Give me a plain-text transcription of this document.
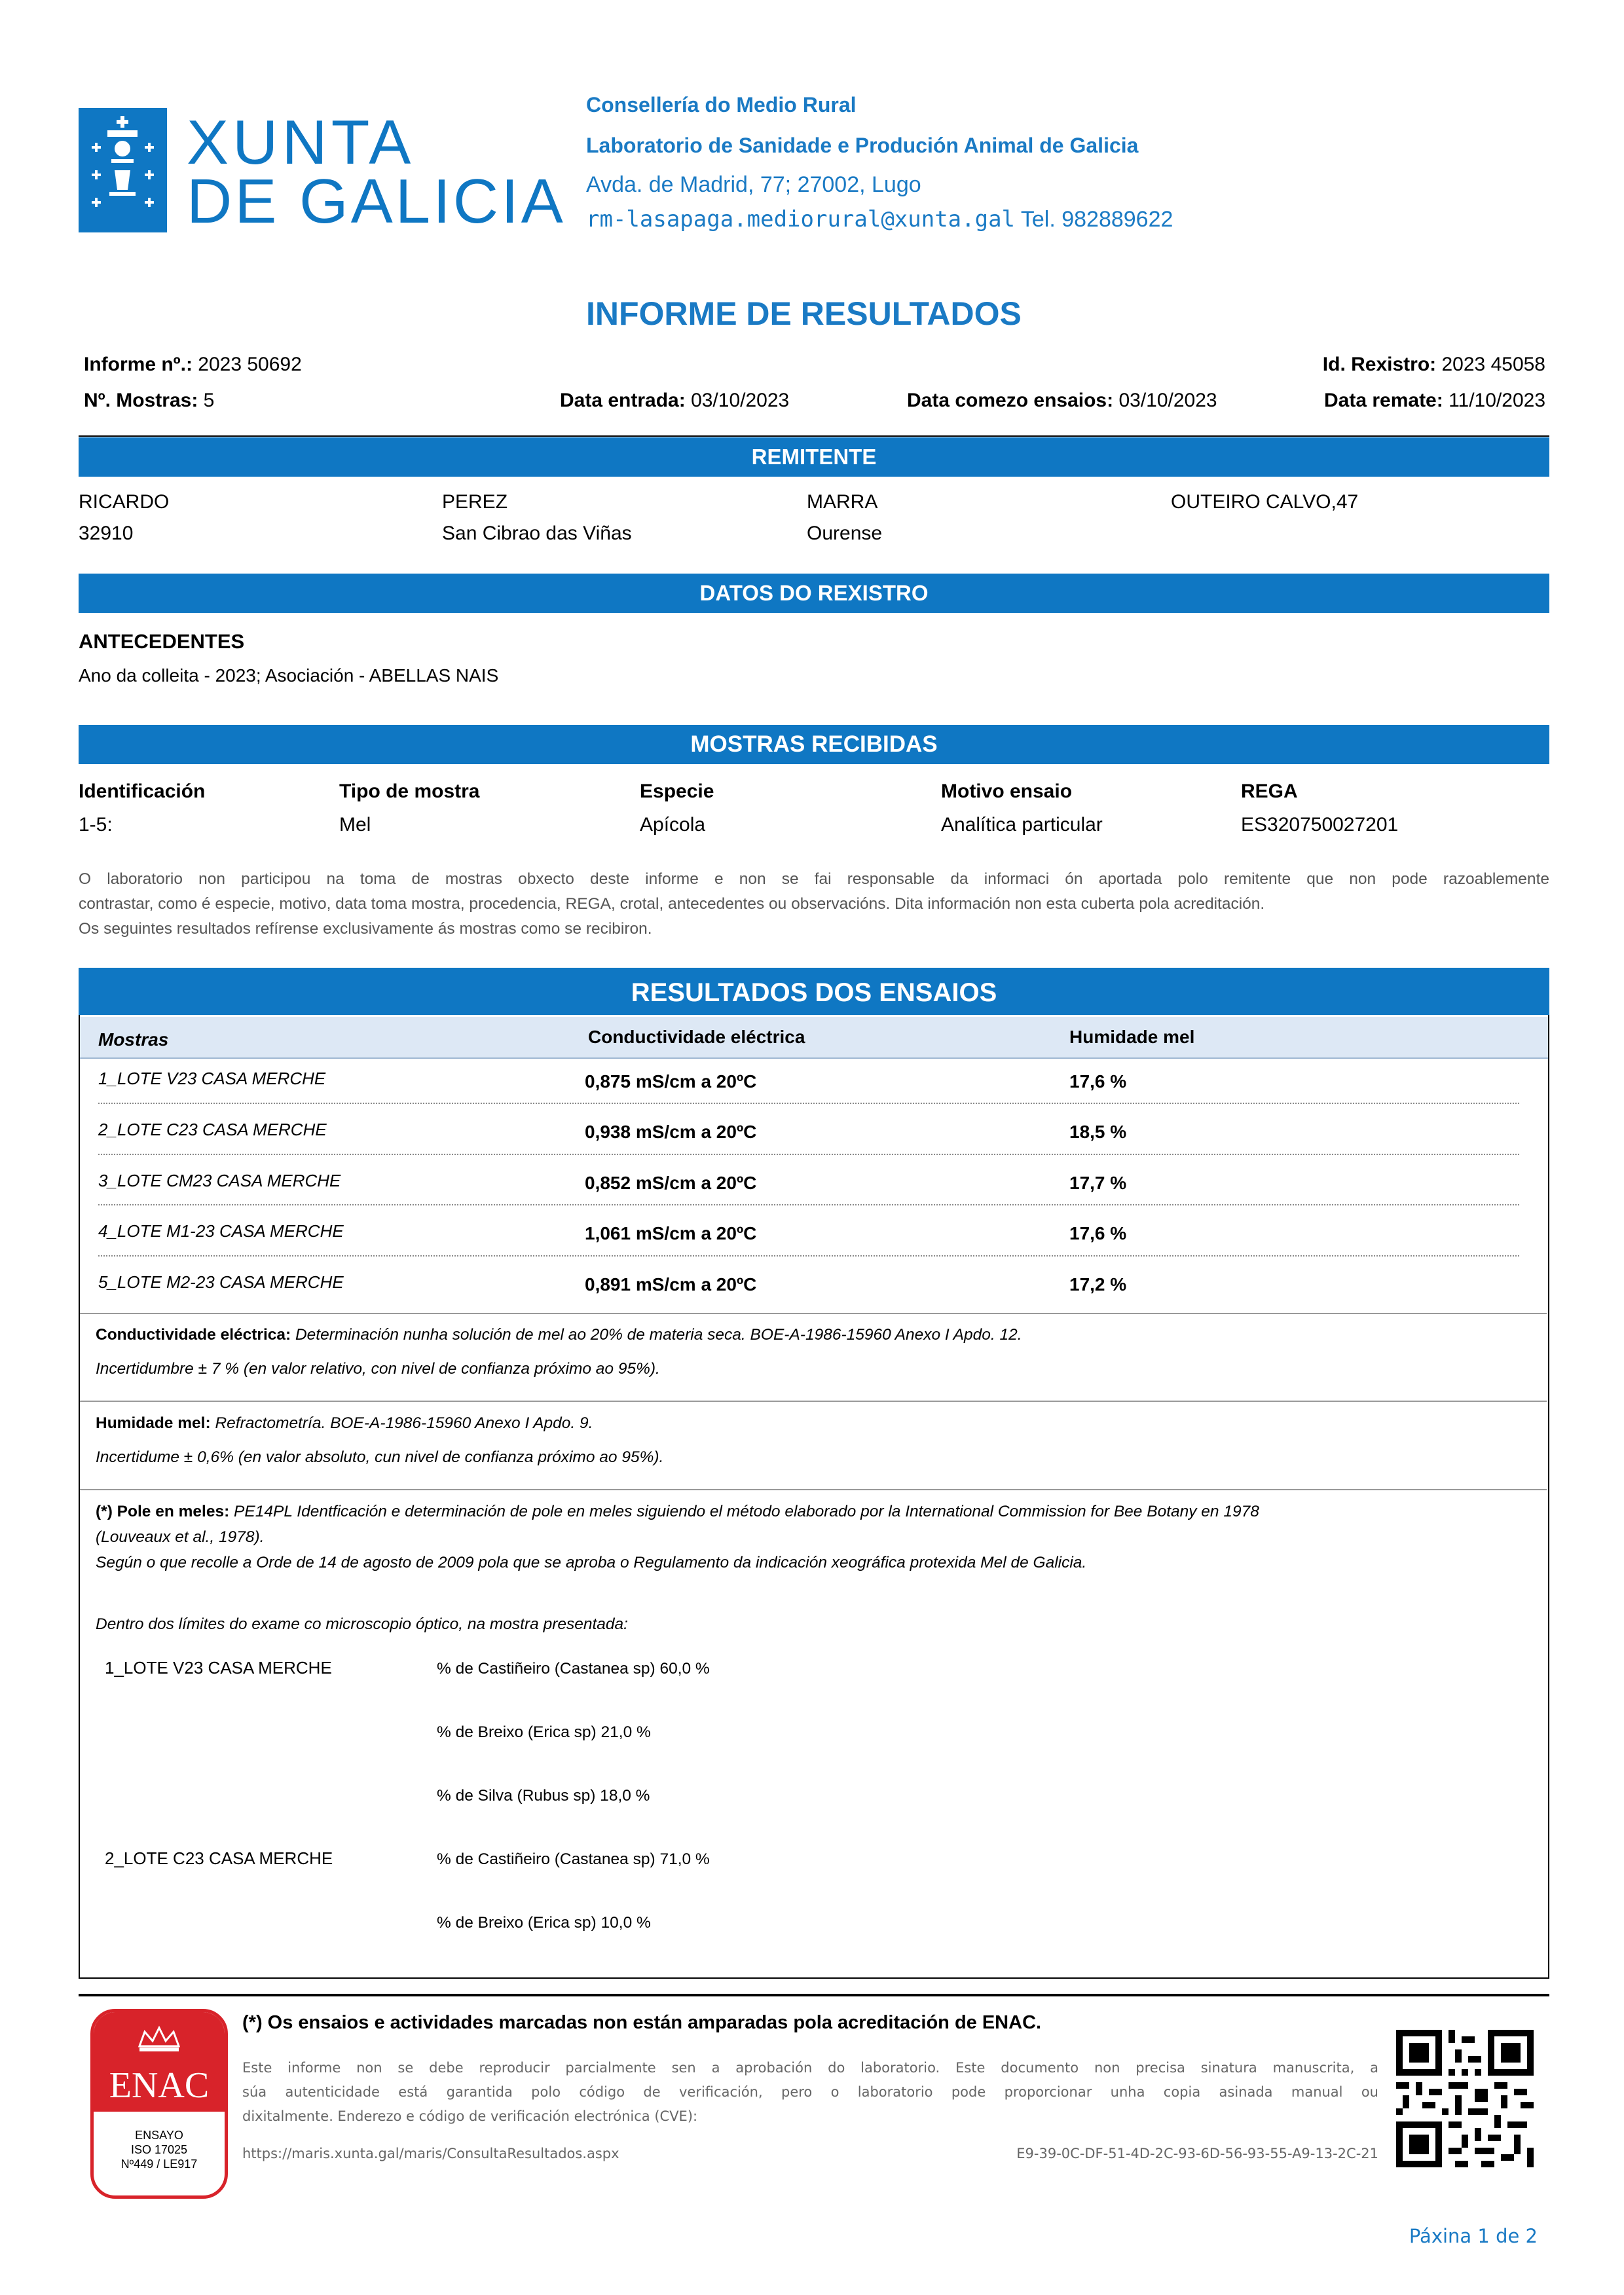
XUNTA
DE GALICIA
Consellería do Medio Rural
Laboratorio de Sanidade e Produción Animal de Galicia
Avda. de Madrid, 77; 27002, Lugo
rm-lasapaga.mediorural@xunta.gal Tel. 982889622
INFORME DE RESULTADOS
Informe nº.: 2023 50692	Id. Rexistro: 2023 45058
Nº. Mostras: 5	Data entrada: 03/10/2023	Data comezo ensaios: 03/10/2023	Data remate: 11/10/2023
REMITENTE
RICARDO	PEREZ	MARRA	OUTEIRO CALVO,47
32910	San Cibrao das Viñas	Ourense
DATOS DO REXISTRO
ANTECEDENTES
Ano da colleita - 2023; Asociación - ABELLAS NAIS
MOSTRAS RECIBIDAS
Identificación	Tipo de mostra	Especie	Motivo ensaio	REGA
1-5:	Mel	Apícola	Analítica particular	ES320750027201
O laboratorio non participou na toma de mostras obxecto deste informe e non se fai responsable da informaci ón aportada polo remitente que non pode razoablemente
contrastar, como é especie, motivo, data toma mostra, procedencia, REGA, crotal, antecedentes ou observacións. Dita información non esta cuberta pola acreditación.
Os seguintes resultados refírense exclusivamente ás mostras como se recibiron.
RESULTADOS DOS ENSAIOS
Mostras	Conductividade eléctrica	Humidade mel
1_LOTE V23 CASA MERCHE	0,875 mS/cm a 20ºC	17,6 %
2_LOTE C23 CASA MERCHE	0,938 mS/cm a 20ºC	18,5 %
3_LOTE CM23 CASA MERCHE	0,852 mS/cm a 20ºC	17,7 %
4_LOTE M1-23 CASA MERCHE	1,061 mS/cm a 20ºC	17,6 %
5_LOTE M2-23 CASA MERCHE	0,891 mS/cm a 20ºC	17,2 %
Conductividade eléctrica: Determinación nunha solución de mel ao 20% de materia seca. BOE-A-1986-15960 Anexo I Apdo. 12.
Incertidumbre ± 7 % (en valor relativo, con nivel de confianza próximo ao 95%).
Humidade mel: Refractometría. BOE-A-1986-15960 Anexo I Apdo. 9.
Incertidume ± 0,6% (en valor absoluto, cun nivel de confianza próximo ao 95%).
(*) Pole en meles: PE14PL Identficación e determinación de pole en meles siguiendo el método elaborado por la International Commission for Bee Botany en 1978
(Louveaux et al., 1978).
Según o que recolle a Orde de 14 de agosto de 2009 pola que se aproba o Regulamento da indicación xeográfica protexida Mel de Galicia.
Dentro dos límites do exame co microscopio óptico, na mostra presentada:
1_LOTE V23 CASA MERCHE	% de Castiñeiro (Castanea sp) 60,0 %
% de Breixo (Erica sp) 21,0 %
% de Silva (Rubus sp) 18,0 %
2_LOTE C23 CASA MERCHE	% de Castiñeiro (Castanea sp) 71,0 %
% de Breixo (Erica sp) 10,0 %
ENAC
ENSAYO
ISO 17025
Nº449 / LE917
(*) Os ensaios e actividades marcadas non están amparadas pola acreditación de ENAC.
Este informe non se debe reproducir parcialmente sen a aprobación do laboratorio. Este documento non precisa sinatura manuscrita, a
súa autenticidade está garantida polo código de verificación, pero o laboratorio pode proporcionar unha copia asinada manual ou
dixitalmente. Enderezo e código de verificación electrónica (CVE):
https://maris.xunta.gal/maris/ConsultaResultados.aspx	E9-39-0C-DF-51-4D-2C-93-6D-56-93-55-A9-13-2C-21
Páxina 1 de 2
